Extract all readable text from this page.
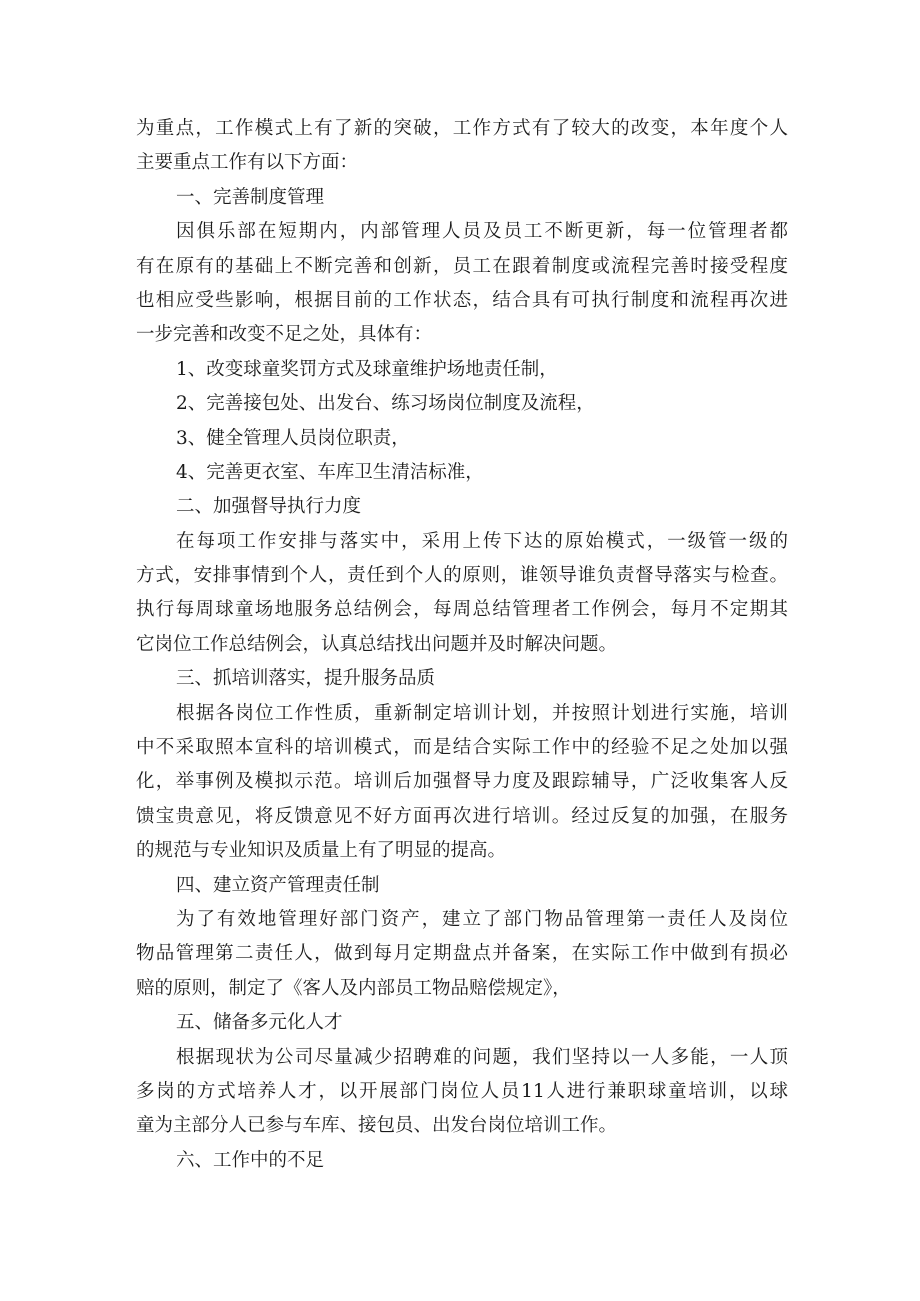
为重点，工作模式上有了新的突破，工作方式有了较大的改变，本年度个人
主要重点工作有以下方面：
一、完善制度管理
因俱乐部在短期内，内部管理人员及员工不断更新，每一位管理者都
有在原有的基础上不断完善和创新，员工在跟着制度或流程完善时接受程度
也相应受些影响，根据目前的工作状态，结合具有可执行制度和流程再次进
一步完善和改变不足之处，具体有：
1、改变球童奖罚方式及球童维护场地责任制，
2、完善接包处、出发台、练习场岗位制度及流程，
3、健全管理人员岗位职责，
4、完善更衣室、车库卫生清洁标准，
二、加强督导执行力度
在每项工作安排与落实中，采用上传下达的原始模式，一级管一级的
方式，安排事情到个人，责任到个人的原则，谁领导谁负责督导落实与检查。
执行每周球童场地服务总结例会，每周总结管理者工作例会，每月不定期其
它岗位工作总结例会，认真总结找出问题并及时解决问题。
三、抓培训落实，提升服务品质
根据各岗位工作性质，重新制定培训计划，并按照计划进行实施，培训
中不采取照本宣科的培训模式，而是结合实际工作中的经验不足之处加以强
化，举事例及模拟示范。培训后加强督导力度及跟踪辅导，广泛收集客人反
馈宝贵意见，将反馈意见不好方面再次进行培训。经过反复的加强，在服务
的规范与专业知识及质量上有了明显的提高。
四、建立资产管理责任制
为了有效地管理好部门资产，建立了部门物品管理第一责任人及岗位
物品管理第二责任人，做到每月定期盘点并备案，在实际工作中做到有损必
赔的原则，制定了《客人及内部员工物品赔偿规定》，
五、储备多元化人才
根据现状为公司尽量减少招聘难的问题，我们坚持以一人多能，一人顶
多岗的方式培养人才，以开展部门岗位人员11人进行兼职球童培训，以球
童为主部分人已参与车库、接包员、出发台岗位培训工作。
六、工作中的不足
